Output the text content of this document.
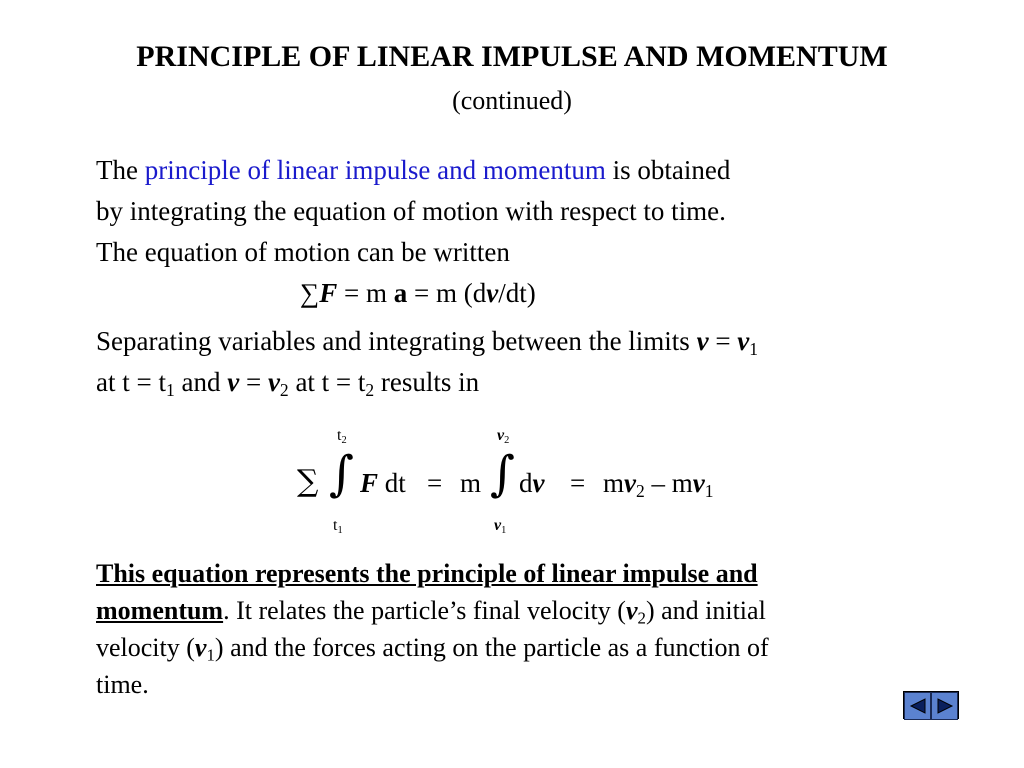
PRINCIPLE OF LINEAR IMPULSE AND MOMENTUM
(continued)
The principle of linear impulse and momentum is obtained
by integrating the equation of motion with respect to time.
The equation of motion can be written
∑F = m a = m (dv/dt)
Separating variables and integrating between the limits $v = v_1$
at $t = t_1$ and $v = v_2$ at $t = t_2$ results in
∑
$t_2$
∫
$t_1$
F dt = m
$v_2$
∫
$v_1$
dv = $mv_2 - mv_1$
This equation represents the principle of linear impulse and
momentum. It relates the particle’s final velocity $(v_2)$ and initial
velocity $(v_1)$ and the forces acting on the particle as a function of
time.
